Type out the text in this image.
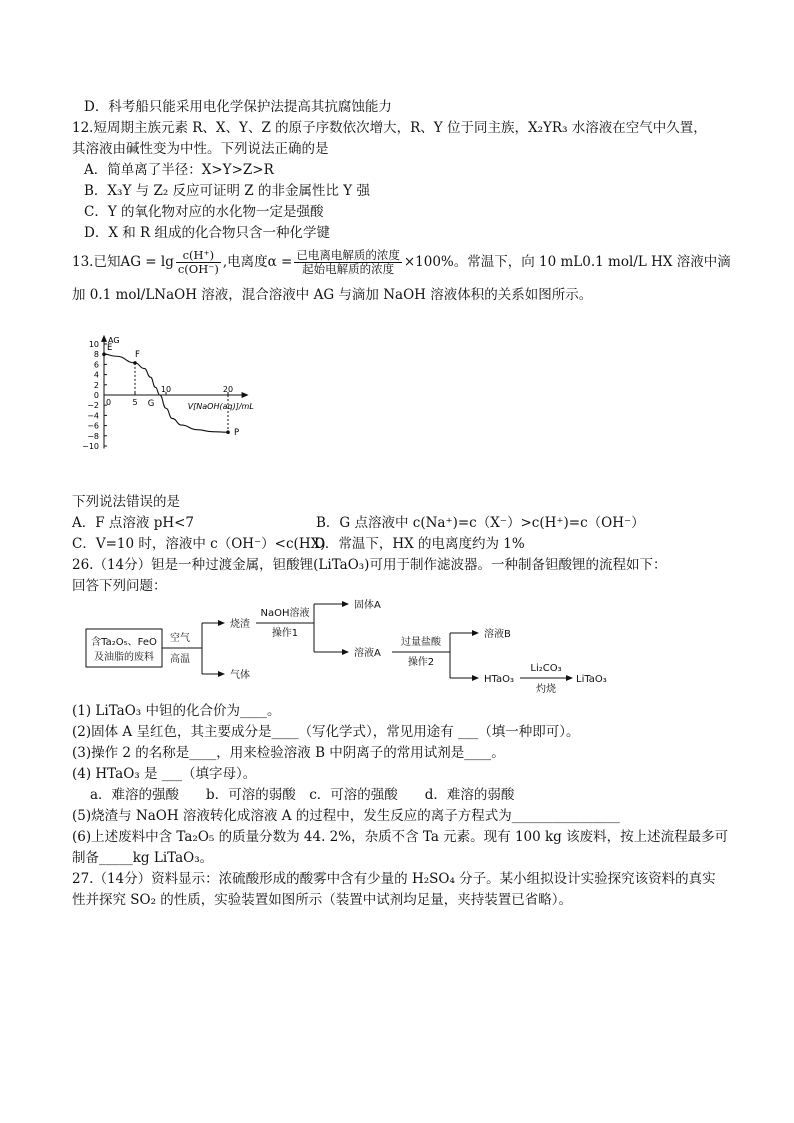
D．科考船只能采用电化学保护法提高其抗腐蚀能力
12.短周期主族元素 R、X、Y、Z 的原子序数依次增大，R、Y 位于同主族，X₂YR₃ 水溶液在空气中久置，
其溶液由碱性变为中性。下列说法正确的是
A．简单离了半径：X>Y>Z>R
B．X₃Y 与 Z₂ 反应可证明 Z 的非金属性比 Y 强
C．Y 的氧化物对应的水化物一定是强酸
D．X 和 R 组成的化合物只含一种化学键
13.已知AG = $\lg \frac{c(H^+)}{c(OH^-)}$ ,电离度$\alpha = \frac{\text{已电离电解质的浓度}}{\text{起始电解质的浓度}} \times 100\%$。常温下，向 10 mL0.1 mol/L HX 溶液中滴
加 0.1 mol/LNaOH 溶液，混合溶液中 AG 与滴加 NaOH 溶液体积的关系如图所示。
AG
V[NaOH(aq)]/mL
10
8
6
4
2
0
−2
−4
−6
−8
−10
0	5
10	20
E
F
G
P
下列说法错误的是
A．F 点溶液 pH<7	B．G 点溶液中 c(Na⁺)=c（X⁻）>c(H⁺)=c（OH⁻）
C．V=10 时，溶液中 c（OH⁻）<c(HX)
D．常温下，HX 的电离度约为 1%
26.（14分）钽是一种过渡金属，钽酸锂(LiTaO₃)可用于制作滤波器。一种制备钽酸锂的流程如下：
回答下列问题：
含Ta₂O₅、FeO
及油脂的废料
空气
高温
烧渣
气体
NaOH溶液
操作1
固体A
溶液A
过量盐酸
操作2
溶液B
HTaO₃
Li₂CO₃
灼烧
LiTaO₃
(1) LiTaO₃ 中钽的化合价为____。
(2)固体 A 呈红色，其主要成分是____（写化学式），常见用途有 ___（填一种即可）。
(3)操作 2 的名称是____，用来检验溶液 B 中阴离子的常用试剂是____。
(4) HTaO₃ 是 ___（填字母）。
a．难溶的强酸　　b．可溶的弱酸　c．可溶的强酸　　d．难溶的弱酸
(5)烧渣与 NaOH 溶液转化成溶液 A 的过程中，发生反应的离子方程式为________________
(6)上述废料中含 Ta₂O₅ 的质量分数为 44. 2%，杂质不含 Ta 元素。现有 100 kg 该废料，按上述流程最多可
制备_____kg LiTaO₃。
27.（14分）资料显示：浓硫酸形成的酸雾中含有少量的 H₂SO₄ 分子。某小组拟设计实验探究该资料的真实
性并探究 SO₂ 的性质，实验装置如图所示（装置中试剂均足量，夹持装置已省略）。
